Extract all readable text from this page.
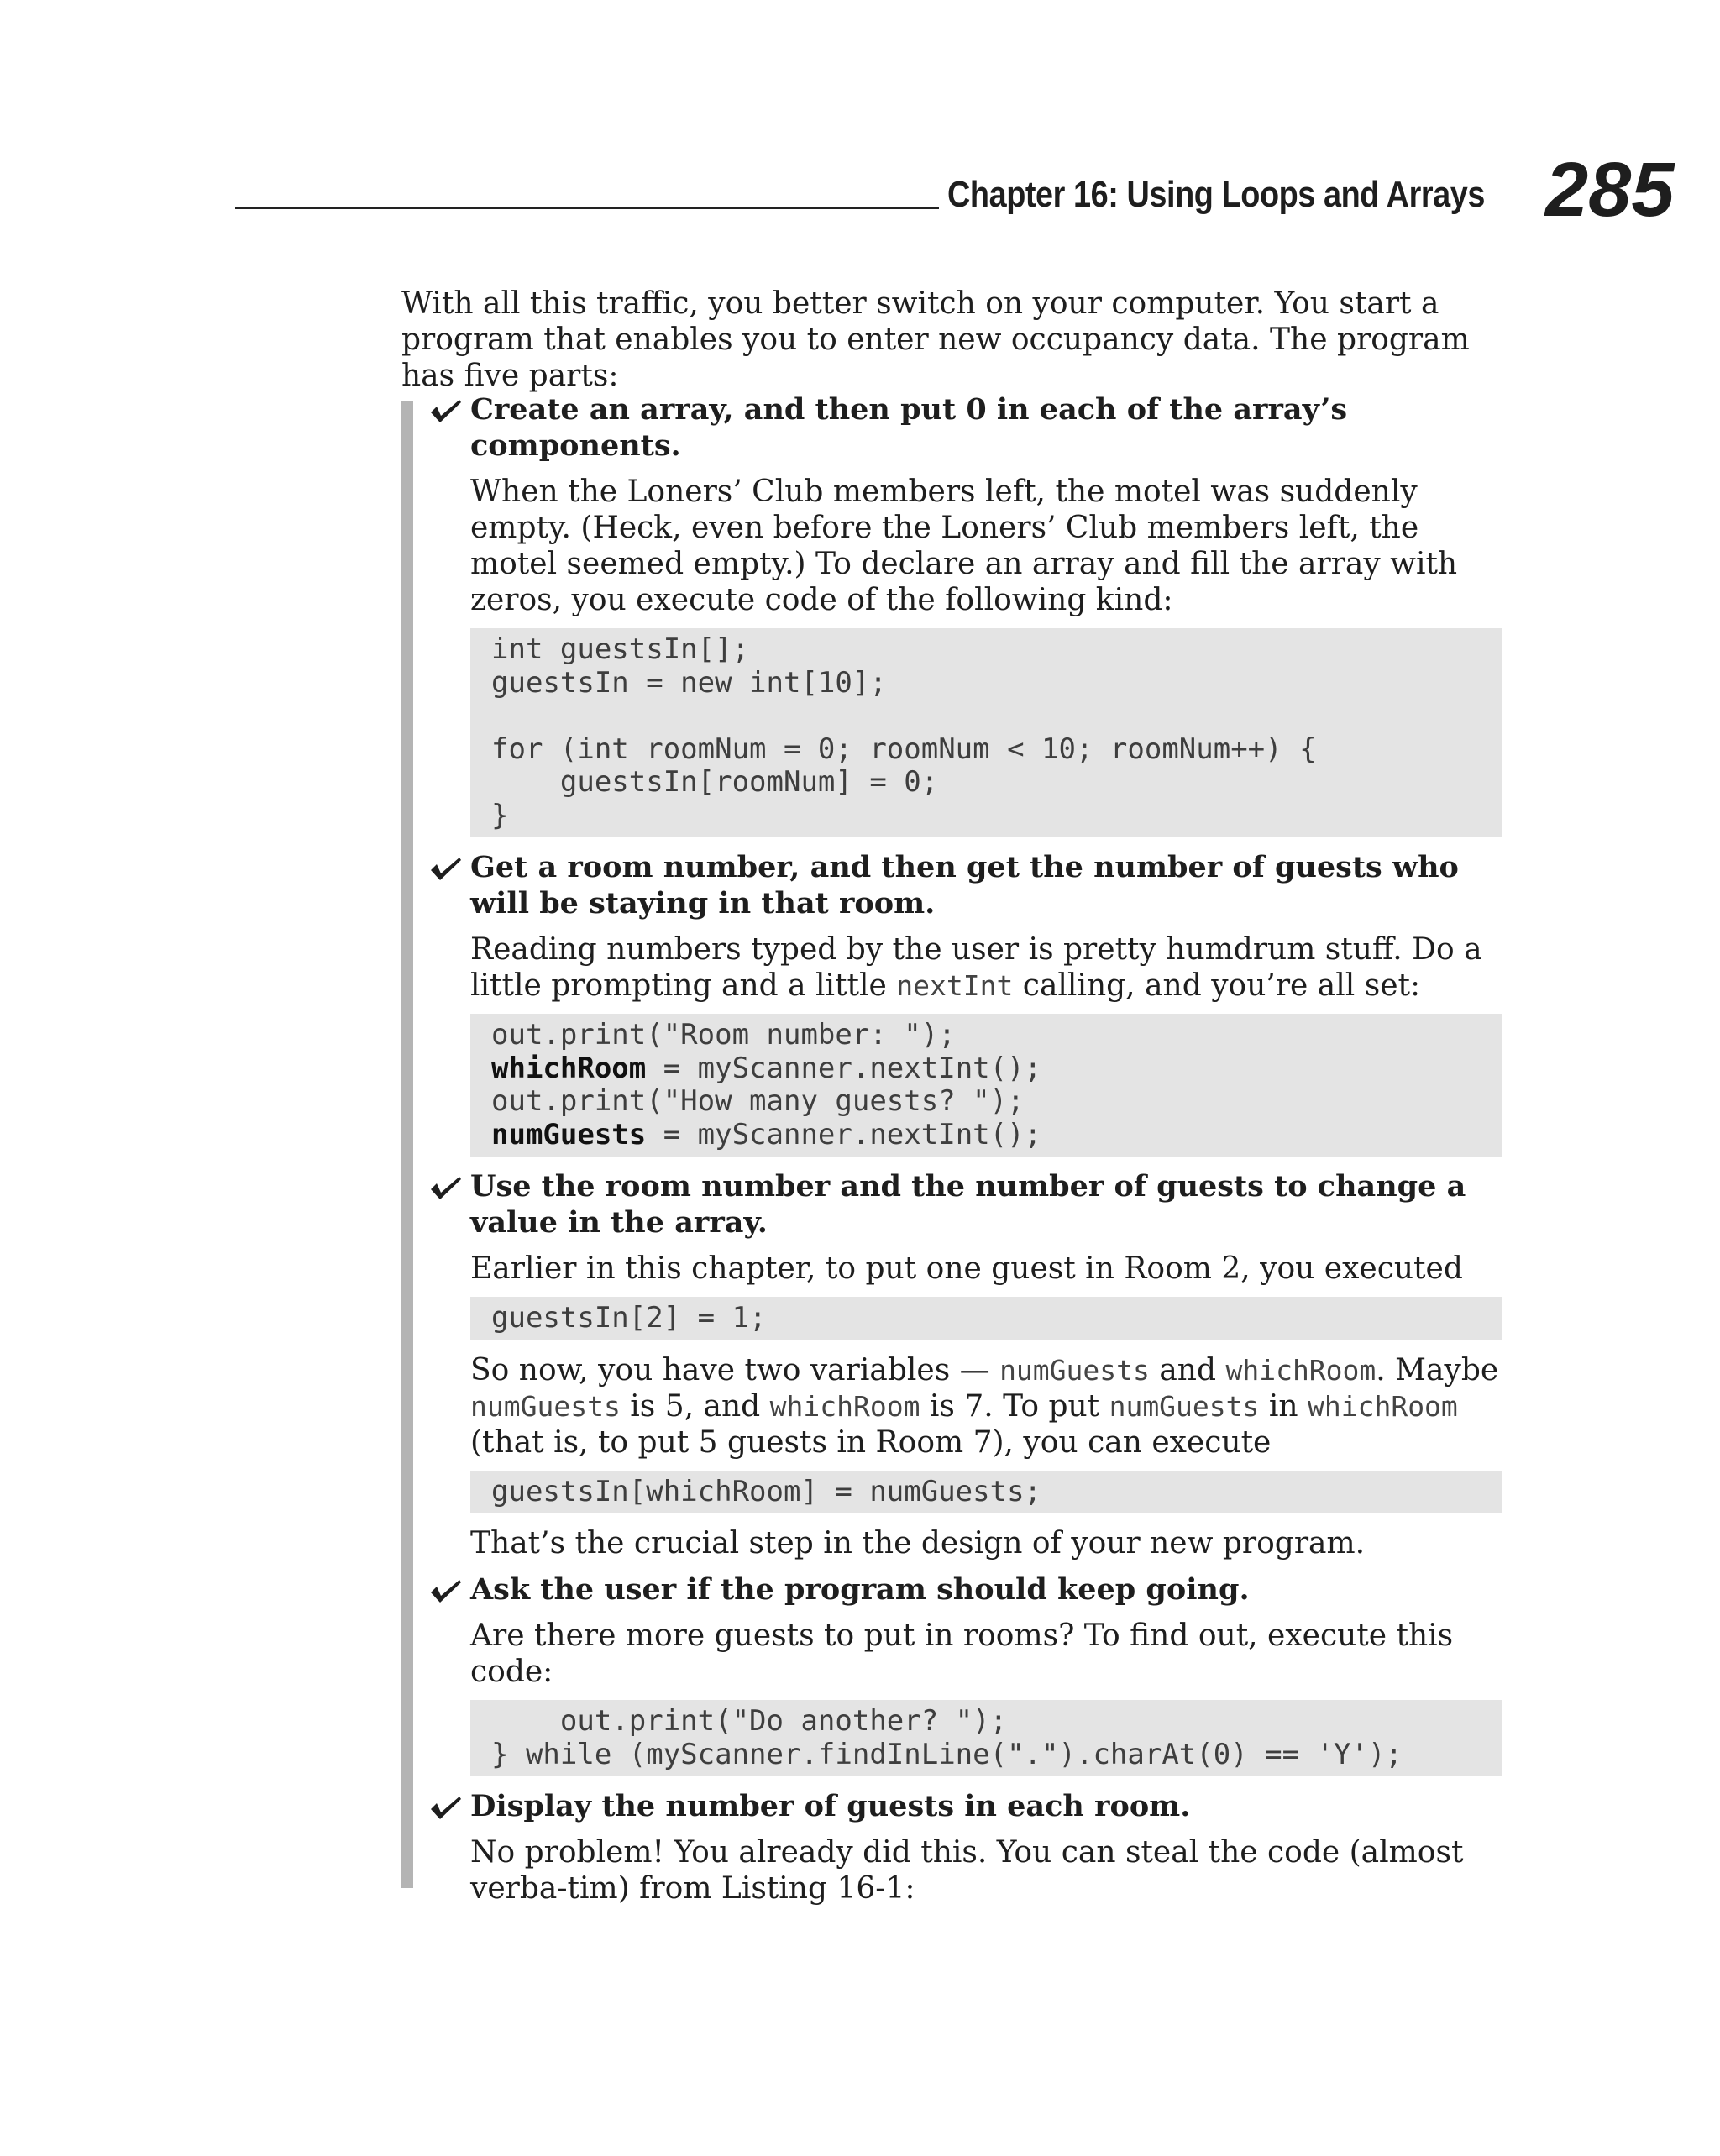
Chapter 16: Using Loops and Arrays 285

With all this traffic, you better switch on your computer. You start a program that enables you to enter new occupancy data. The program has five parts:

Create an array, and then put 0 in each of the array’s components.

When the Loners’ Club members left, the motel was suddenly empty. (Heck, even before the Loners’ Club members left, the motel seemed empty.) To declare an array and fill the array with zeros, you execute code of the following kind:

int guestsIn[];
guestsIn = new int[10];
for (int roomNum = 0; roomNum < 10; roomNum++) {
guestsIn[roomNum] = 0;
}

Get a room number, and then get the number of guests who will be staying in that room.

Reading numbers typed by the user is pretty humdrum stuff. Do a little prompting and a little nextInt calling, and you’re all set:

out.print("Room number: ");
whichRoom = myScanner.nextInt();
out.print("How many guests? ");
numGuests = myScanner.nextInt();

Use the room number and the number of guests to change a value in the array.

Earlier in this chapter, to put one guest in Room 2, you executed

guestsIn[2] = 1;

So now, you have two variables — numGuests and whichRoom. Maybe numGuests is 5, and whichRoom is 7. To put numGuests in whichRoom (that is, to put 5 guests in Room 7), you can execute

guestsIn[whichRoom] = numGuests;

That’s the crucial step in the design of your new program.

Ask the user if the program should keep going.

Are there more guests to put in rooms? To find out, execute this code:

out.print("Do another? ");
} while (myScanner.findInLine(".").charAt(0) == 'Y');

Display the number of guests in each room.

No problem! You already did this. You can steal the code (almost verba-tim) from Listing 16-1:
